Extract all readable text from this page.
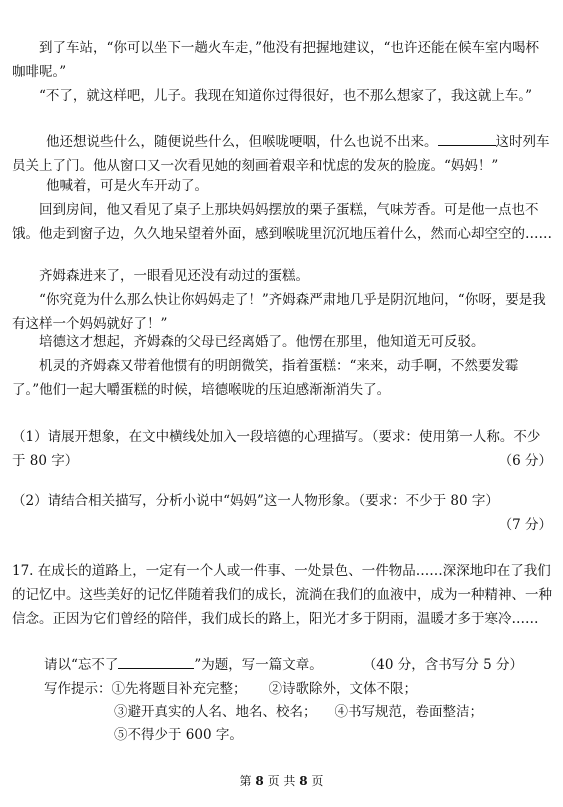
到了车站，“你可以坐下一趟火车走，”他没有把握地建议，“也许还能在候车室内喝杯咖啡呢。”

“不了，就这样吧，儿子。我现在知道你过得很好，也不那么想家了，我这就上车。”

他还想说些什么，随便说些什么，但喉咙哽咽，什么也说不出来。	这时列车员关上了门。他从窗口又一次看见她的刻画着艰辛和忧虑的发灰的脸庞。“妈妈！”

他喊着，可是火车开动了。

回到房间，他又看见了桌子上那块妈妈摆放的栗子蛋糕，气味芳香。可是他一点也不饿。他走到窗子边，久久地呆望着外面，感到喉咙里沉沉地压着什么，然而心却空空的……

齐姆森进来了，一眼看见还没有动过的蛋糕。

“你究竟为什么那么快让你妈妈走了！”齐姆森严肃地几乎是阴沉地问，“你呀，要是我有这样一个妈妈就好了！”

培德这才想起，齐姆森的父母已经离婚了。他愣在那里，他知道无可反驳。

机灵的齐姆森又带着他惯有的明朗微笑，指着蛋糕：“来来，动手啊，不然要发霉了。”他们一起大嚼蛋糕的时候，培德喉咙的压迫感渐渐消失了。

（1）请展开想象，在文中横线处加入一段培德的心理描写。（要求：使用第一人称。不少于 80 字）	（6 分）
（2）请结合相关描写，分析小说中“妈妈”这一人物形象。（要求：不少于 80 字）
（7 分）

17. 在成长的道路上，一定有一个人或一件事、一处景色、一件物品……深深地印在了我们的记忆中。这些美好的记忆伴随着我们的成长，流淌在我们的血液中，成为一种精神、一种信念。正因为它们曾经的陪伴，我们成长的路上，阳光才多于阴雨，温暖才多于寒冷……

请以“忘不了	”为题，写一篇文章。	（40 分，含书写分 5 分）

写作提示：①先将题目补充完整； ②诗歌除外，文体不限；
③避开真实的人名、地名、校名； ④书写规范，卷面整洁；
⑤不得少于 600 字。
第 8 页 共 8 页
